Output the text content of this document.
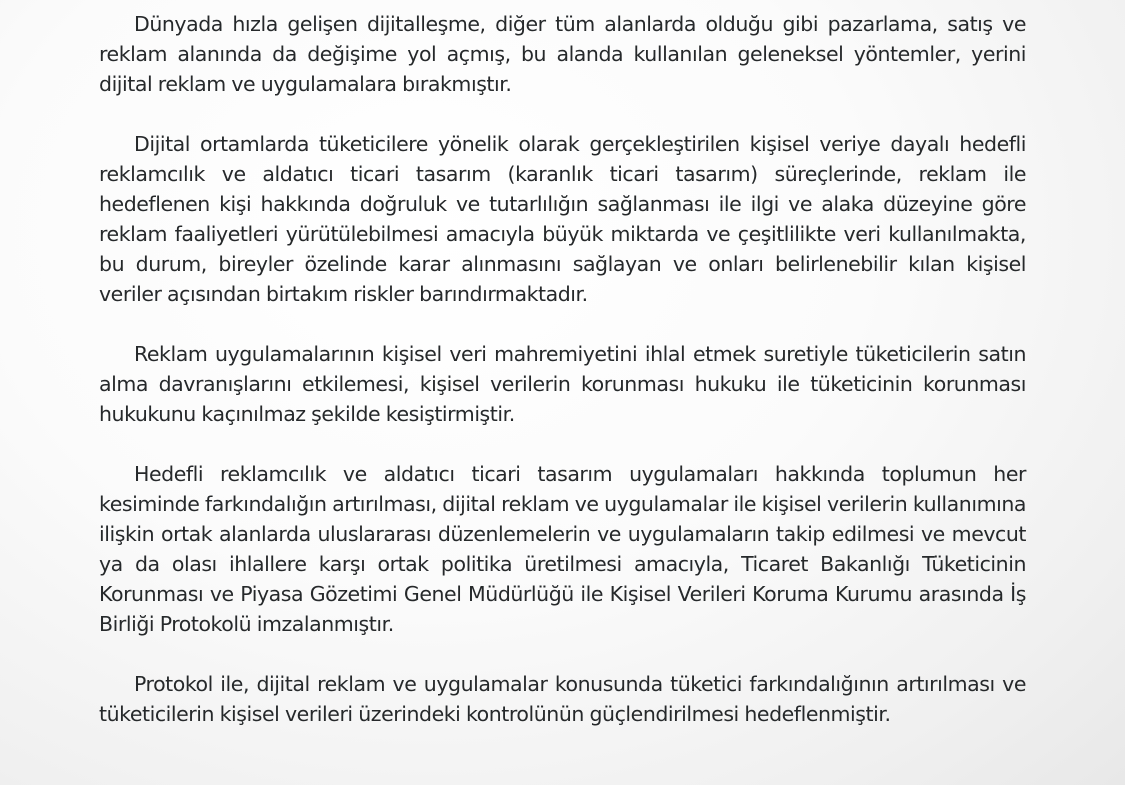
Dünyada hızla gelişen dijitalleşme, diğer tüm alanlarda olduğu gibi pazarlama, satış ve reklam alanında da değişime yol açmış, bu alanda kullanılan geleneksel yöntemler, yerini dijital reklam ve uygulamalara bırakmıştır.

Dijital ortamlarda tüketicilere yönelik olarak gerçekleştirilen kişisel veriye dayalı hedefli reklamcılık ve aldatıcı ticari tasarım (karanlık ticari tasarım) süreçlerinde, reklam ile hedeflenen kişi hakkında doğruluk ve tutarlılığın sağlanması ile ilgi ve alaka düzeyine göre reklam faaliyetleri yürütülebilmesi amacıyla büyük miktarda ve çeşitlilikte veri kullanılmakta, bu durum, bireyler özelinde karar alınmasını sağlayan ve onları belirlenebilir kılan kişisel veriler açısından birtakım riskler barındırmaktadır.

Reklam uygulamalarının kişisel veri mahremiyetini ihlal etmek suretiyle tüketicilerin satın alma davranışlarını etkilemesi, kişisel verilerin korunması hukuku ile tüketicinin korunması hukukunu kaçınılmaz şekilde kesiştirmiştir.

Hedefli reklamcılık ve aldatıcı ticari tasarım uygulamaları hakkında toplumun her kesiminde farkındalığın artırılması, dijital reklam ve uygulamalar ile kişisel verilerin kullanımına ilişkin ortak alanlarda uluslararası düzenlemelerin ve uygulamaların takip edilmesi ve mevcut ya da olası ihlallere karşı ortak politika üretilmesi amacıyla, Ticaret Bakanlığı Tüketicinin Korunması ve Piyasa Gözetimi Genel Müdürlüğü ile Kişisel Verileri Koruma Kurumu arasında İş Birliği Protokolü imzalanmıştır.

Protokol ile, dijital reklam ve uygulamalar konusunda tüketici farkındalığının artırılması ve tüketicilerin kişisel verileri üzerindeki kontrolünün güçlendirilmesi hedeflenmiştir.
